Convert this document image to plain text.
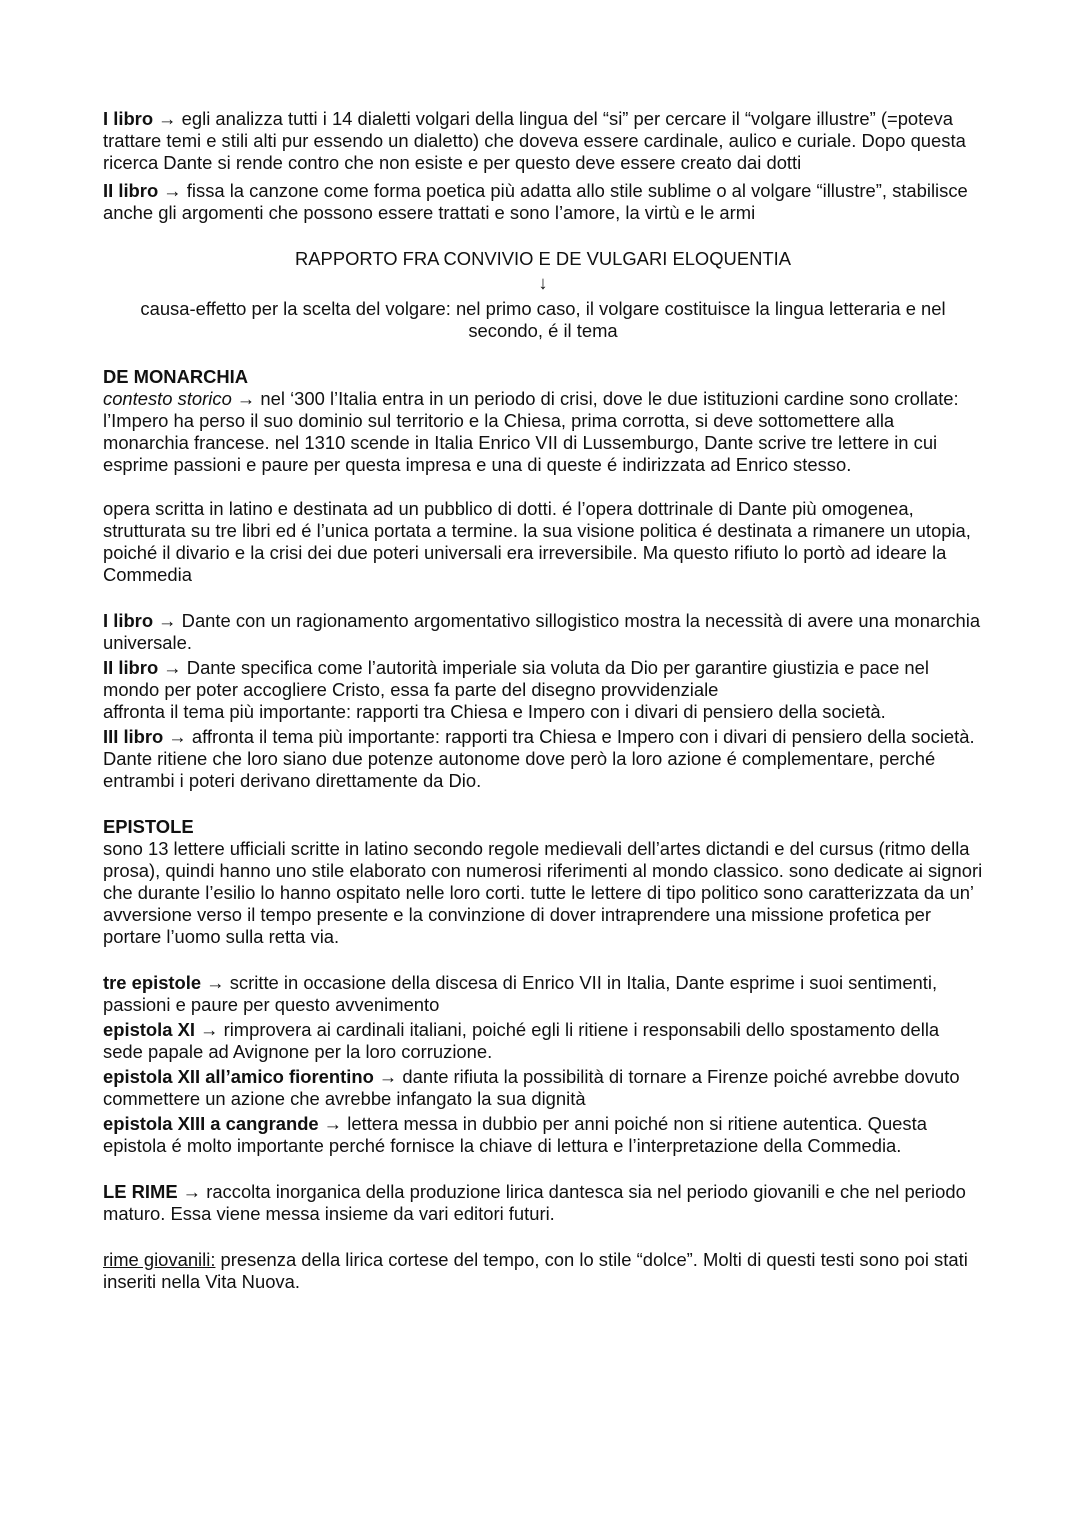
I libro → egli analizza tutti i 14 dialetti volgari della lingua del “si” per cercare il “volgare illustre” (=poteva trattare temi e stili alti pur essendo un dialetto) che doveva essere cardinale, aulico e curiale. Dopo questa ricerca Dante si rende contro che non esiste e per questo deve essere creato dai dotti

II libro → fissa la canzone come forma poetica più adatta allo stile sublime o al volgare “illustre”, stabilisce anche gli argomenti che possono essere trattati e sono l’amore, la virtù e le armi

RAPPORTO FRA CONVIVIO E DE VULGARI ELOQUENTIA
↓
causa-effetto per la scelta del volgare: nel primo caso, il volgare costituisce la lingua letteraria e nel secondo, é il tema

DE MONARCHIA

contesto storico → nel ‘300 l’Italia entra in un periodo di crisi, dove le due istituzioni cardine sono crollate: l’Impero ha perso il suo dominio sul territorio e la Chiesa, prima corrotta, si deve sottomettere alla monarchia francese. nel 1310 scende in Italia Enrico VII di Lussemburgo, Dante scrive tre lettere in cui esprime passioni e paure per questa impresa e una di queste é indirizzata ad Enrico stesso.

opera scritta in latino e destinata ad un pubblico di dotti. é l’opera dottrinale di Dante più omogenea, strutturata su tre libri ed é l’unica portata a termine. la sua visione politica é destinata a rimanere un utopia, poiché il divario e la crisi dei due poteri universali era irreversibile. Ma questo rifiuto lo portò ad ideare la Commedia

I libro → Dante con un ragionamento argomentativo sillogistico mostra la necessità di avere una monarchia universale.

II libro → Dante specifica come l’autorità imperiale sia voluta da Dio per garantire giustizia e pace nel mondo per poter accogliere Cristo, essa fa parte del disegno provvidenziale

affronta il tema più importante: rapporti tra Chiesa e Impero con i divari di pensiero della società.

III libro → affronta il tema più importante: rapporti tra Chiesa e Impero con i divari di pensiero della società. Dante ritiene che loro siano due potenze autonome dove però la loro azione é complementare, perché entrambi i poteri derivano direttamente da Dio.

EPISTOLE

sono 13 lettere ufficiali scritte in latino secondo regole medievali dell’artes dictandi e del cursus (ritmo della prosa), quindi hanno uno stile elaborato con numerosi riferimenti al mondo classico. sono dedicate ai signori che durante l’esilio lo hanno ospitato nelle loro corti. tutte le lettere di tipo politico sono caratterizzata da un’ avversione verso il tempo presente e la convinzione di dover intraprendere una missione profetica per portare l’uomo sulla retta via.

tre epistole → scritte in occasione della discesa di Enrico VII in Italia, Dante esprime i suoi sentimenti, passioni e paure per questo avvenimento

epistola XI → rimprovera ai cardinali italiani, poiché egli li ritiene i responsabili dello spostamento della sede papale ad Avignone per la loro corruzione.

epistola XII all’amico fiorentino → dante rifiuta la possibilità di tornare a Firenze poiché avrebbe dovuto commettere un azione che avrebbe infangato la sua dignità

epistola XIII a cangrande → lettera messa in dubbio per anni poiché non si ritiene autentica. Questa epistola é molto importante perché fornisce la chiave di lettura e l’interpretazione della Commedia.

LE RIME → raccolta inorganica della produzione lirica dantesca sia nel periodo giovanili e che nel periodo maturo. Essa viene messa insieme da vari editori futuri.

rime giovanili: presenza della lirica cortese del tempo, con lo stile “dolce”. Molti di questi testi sono poi stati inseriti nella Vita Nuova.
